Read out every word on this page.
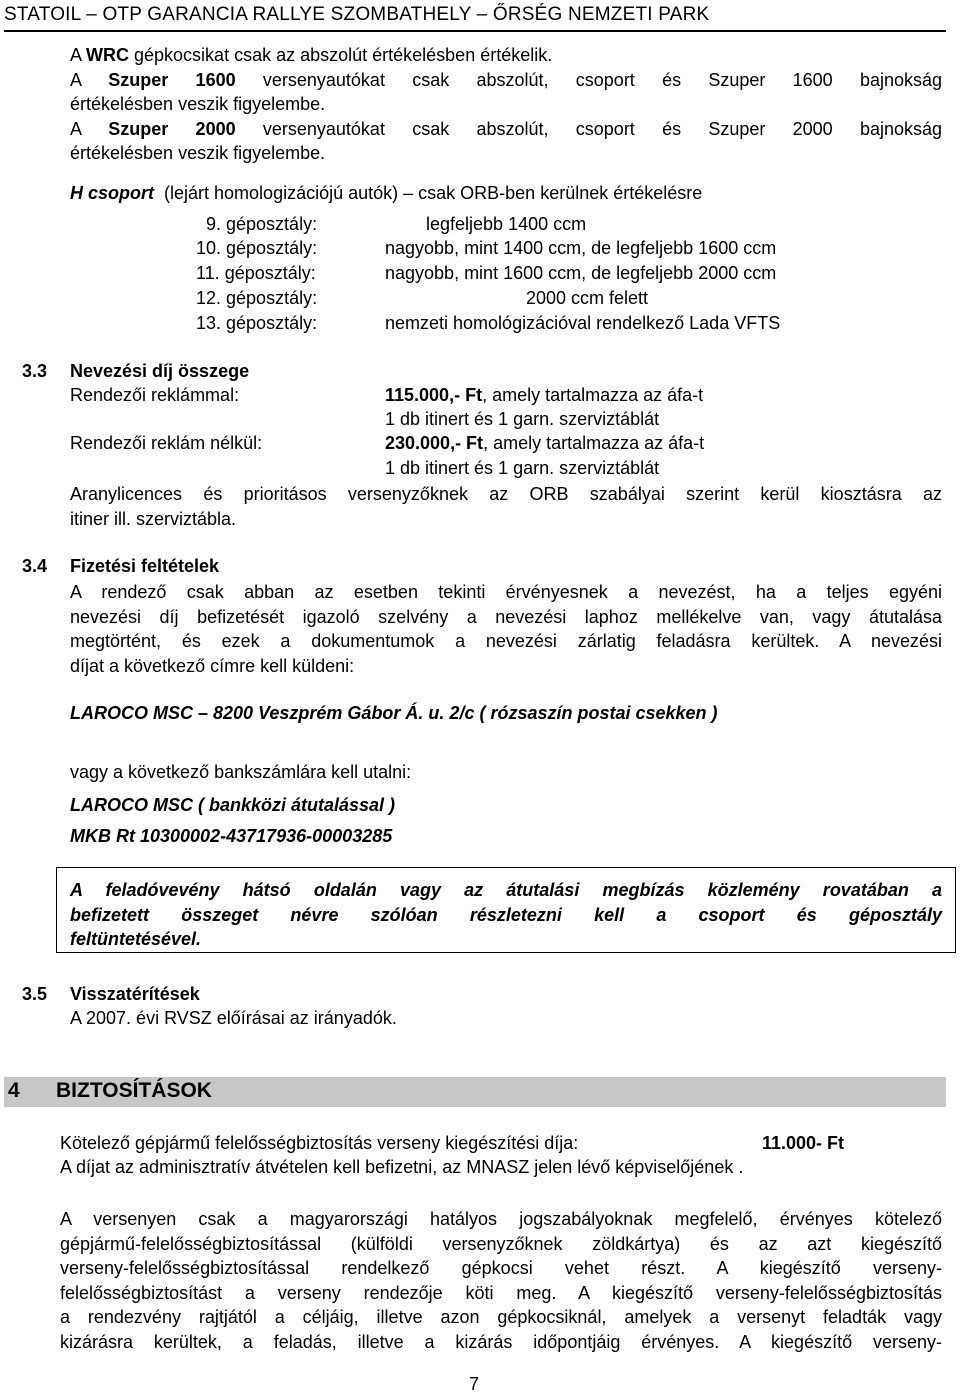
STATOIL – OTP GARANCIA RALLYE SZOMBATHELY – ŐRSÉG NEMZETI PARK
A WRC gépkocsikat csak az abszolút értékelésben értékelik.
A Szuper 1600 versenyautókat csak abszolút, csoport és Szuper 1600 bajnokság
értékelésben veszik figyelembe.
A Szuper 2000 versenyautókat csak abszolút, csoport és Szuper 2000 bajnokság
értékelésben veszik figyelembe.
H csoport  (lejárt homologizációjú autók) – csak ORB-ben kerülnek értékelésre
9. géposztály:	legfeljebb 1400 ccm
10. géposztály:	nagyobb, mint 1400 ccm, de legfeljebb 1600 ccm
11. géposztály:	nagyobb, mint 1600 ccm, de legfeljebb 2000 ccm
12. géposztály:	2000 ccm felett
13. géposztály:	nemzeti homológizációval rendelkező Lada VFTS
3.3 Nevezési díj összege
Rendezői reklámmal:	115.000,- Ft, amely tartalmazza az áfa-t
1 db itinert és 1 garn. szerviztáblát
Rendezői reklám nélkül:	230.000,- Ft, amely tartalmazza az áfa-t
1 db itinert és 1 garn. szerviztáblát
Aranylicences és prioritásos versenyzőknek az ORB szabályai szerint kerül kiosztásra az
itiner ill. szerviztábla.
3.4 Fizetési feltételek
A rendező csak abban az esetben tekinti érvényesnek a nevezést, ha a teljes egyéni
nevezési díj befizetését igazoló szelvény a nevezési laphoz mellékelve van, vagy átutalása
megtörtént, és ezek a dokumentumok a nevezési zárlatig feladásra kerültek. A nevezési
díjat a következő címre kell küldeni:
LAROCO MSC – 8200 Veszprém Gábor Á. u. 2/c ( rózsaszín postai csekken )
vagy a következő bankszámlára kell utalni:
LAROCO MSC ( bankközi átutalással )
MKB Rt 10300002-43717936-00003285
A feladóvevény hátsó oldalán vagy az átutalási megbízás közlemény rovatában a
befizetett összeget névre szólóan részletezni kell a csoport és géposztály
feltüntetésével.
3.5 Visszatérítések
A 2007. évi RVSZ előírásai az irányadók.
4 BIZTOSÍTÁSOK
Kötelező gépjármű felelősségbiztosítás verseny kiegészítési díja:	11.000- Ft
A díjat az adminisztratív átvételen kell befizetni, az MNASZ jelen lévő képviselőjének .
A versenyen csak a magyarországi hatályos jogszabályoknak megfelelő, érvényes kötelező
gépjármű-felelősségbiztosítással (külföldi versenyzőknek zöldkártya) és az azt kiegészítő
verseny-felelősségbiztosítással rendelkező gépkocsi vehet részt. A kiegészítő verseny-
felelősségbiztosítást a verseny rendezője köti meg. A kiegészítő verseny-felelősségbiztosítás
a rendezvény rajtjától a céljáig, illetve azon gépkocsiknál, amelyek a versenyt feladták vagy
kizárásra kerültek, a feladás, illetve a kizárás időpontjáig érvényes. A kiegészítő verseny-
7
